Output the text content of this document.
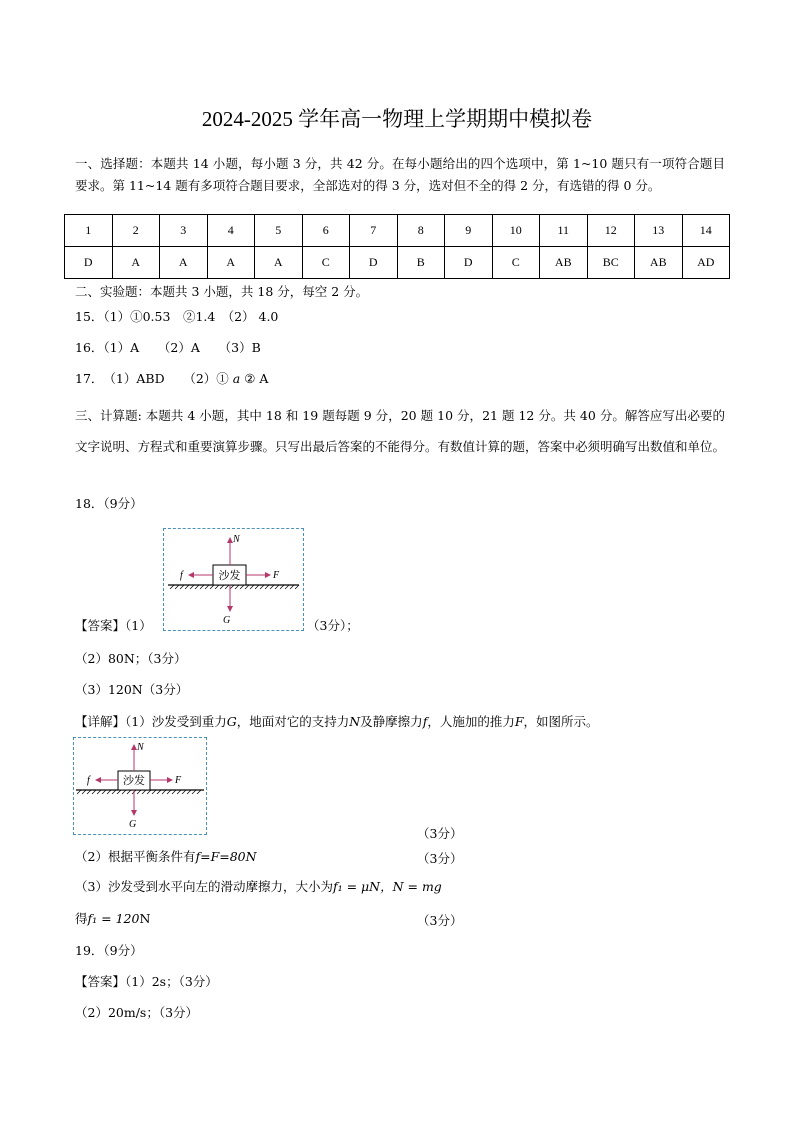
2024-2025 学年高一物理上学期期中模拟卷
一、选择题：本题共 14 小题，每小题 3 分，共 42 分。在每小题给出的四个选项中，第 1~10 题只有一项符合题目要求。第 11~14 题有多项符合题目要求，全部选对的得 3 分，选对但不全的得 2 分，有选错的得 0 分。
1	2	3	4	5	6	7	8	9	10	11	12	13	14
D	A	A	A	A	C	D	B	D	C	AB	BC	AB	AD
二、实验题：本题共 3 小题，共 18 分，每空 2 分。
15．（1）①0.53　②1.4　（2） 4.0
16．（1）A　　（2）A　　（3）B
17．　（1）ABD　　（2）① a ② A
三、计算题: 本题共 4 小题，其中 18 和 19 题每题 9 分，20 题 10 分，21 题 12 分。共 40 分。解答应写出必要的文字说明、方程式和重要演算步骤。只写出最后答案的不能得分。有数值计算的题，答案中必须明确写出数值和单位。
18．（9分）
沙发
N
f	F
G
【答案】（1）	（3分）；
（2）80N；（3分）
（3）120N（3分）
【详解】（1）沙发受到重力G，地面对它的支持力N及静摩擦力f，人施加的推力F，如图所示。
沙发
N
f	F
G
（3分）
（2）根据平衡条件有f=F=80N	（3分）
（3）沙发受到水平向左的滑动摩擦力，大小为f₁ = μN，N = mg
得f₁ = 120N	（3分）
19．（9分）
【答案】（1）2s；（3分）
（2）20m/s；（3分）
